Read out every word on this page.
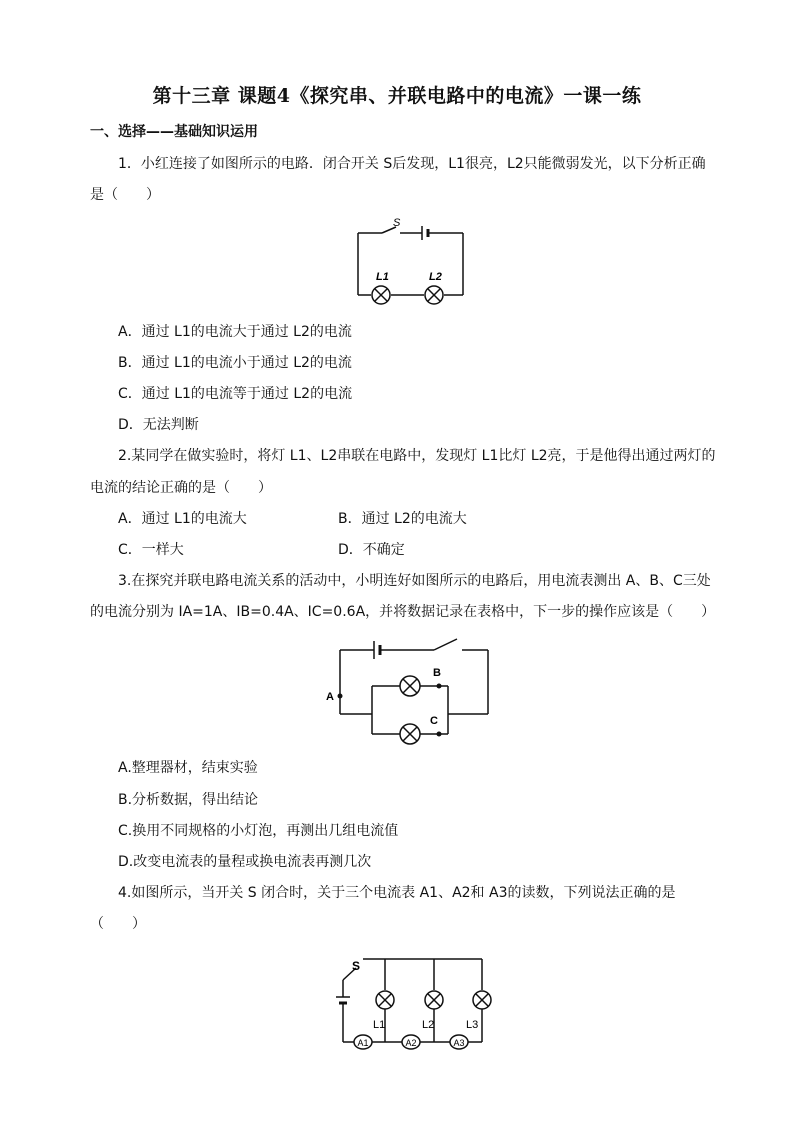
第十三章 课题4《探究串、并联电路中的电流》一课一练
一、选择——基础知识运用
1．小红连接了如图所示的电路．闭合开关 S后发现，L1很亮，L2只能微弱发光，以下分析正确
是（　　）
S
L1	L2
A．通过 L1的电流大于通过 L2的电流
B．通过 L1的电流小于通过 L2的电流
C．通过 L1的电流等于通过 L2的电流
D．无法判断
2.某同学在做实验时，将灯 L1、L2串联在电路中，发现灯 L1比灯 L2亮，于是他得出通过两灯的
电流的结论正确的是（　　）
A．通过 L1的电流大	B．通过 L2的电流大
C．一样大	D．不确定
3.在探究并联电路电流关系的活动中，小明连好如图所示的电路后，用电流表测出 A、B、C三处
的电流分别为 IA=1A、IB=0.4A、IC=0.6A，并将数据记录在表格中，下一步的操作应该是（　　）
A
B
C
A.整理器材，结束实验
B.分析数据，得出结论
C.换用不同规格的小灯泡，再测出几组电流值
D.改变电流表的量程或换电流表再测几次
4.如图所示，当开关 S 闭合时，关于三个电流表 A1、A2和 A3的读数，下列说法正确的是
（　　）
S
L1	L2	L3
A1	A2	A3
